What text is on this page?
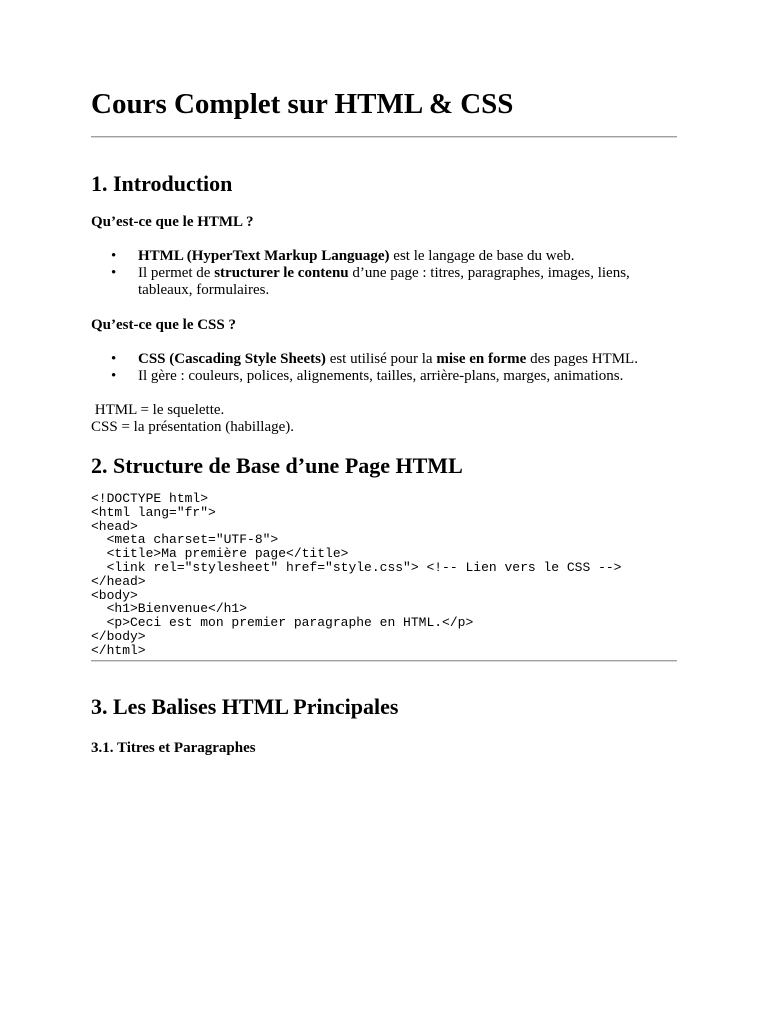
Cours Complet sur HTML & CSS
1. Introduction
Qu’est-ce que le HTML ?
• HTML (HyperText Markup Language) est le langage de base du web.
• Il permet de structurer le contenu d’une page : titres, paragraphes, images, liens, tableaux, formulaires.
Qu’est-ce que le CSS ?
• CSS (Cascading Style Sheets) est utilisé pour la mise en forme des pages HTML.
• Il gère : couleurs, polices, alignements, tailles, arrière-plans, marges, animations.

HTML = le squelette.

CSS = la présentation (habillage).

2. Structure de Base d’une Page HTML
<!DOCTYPE html>
<html lang="fr">
<head>
<meta charset="UTF-8">
<title>Ma première page</title>
<link rel="stylesheet" href="style.css"> <!-- Lien vers le CSS -->
</head>
<body>
<h1>Bienvenue</h1>
<p>Ceci est mon premier paragraphe en HTML.</p>
</body>
</html>
3. Les Balises HTML Principales
3.1. Titres et Paragraphes
